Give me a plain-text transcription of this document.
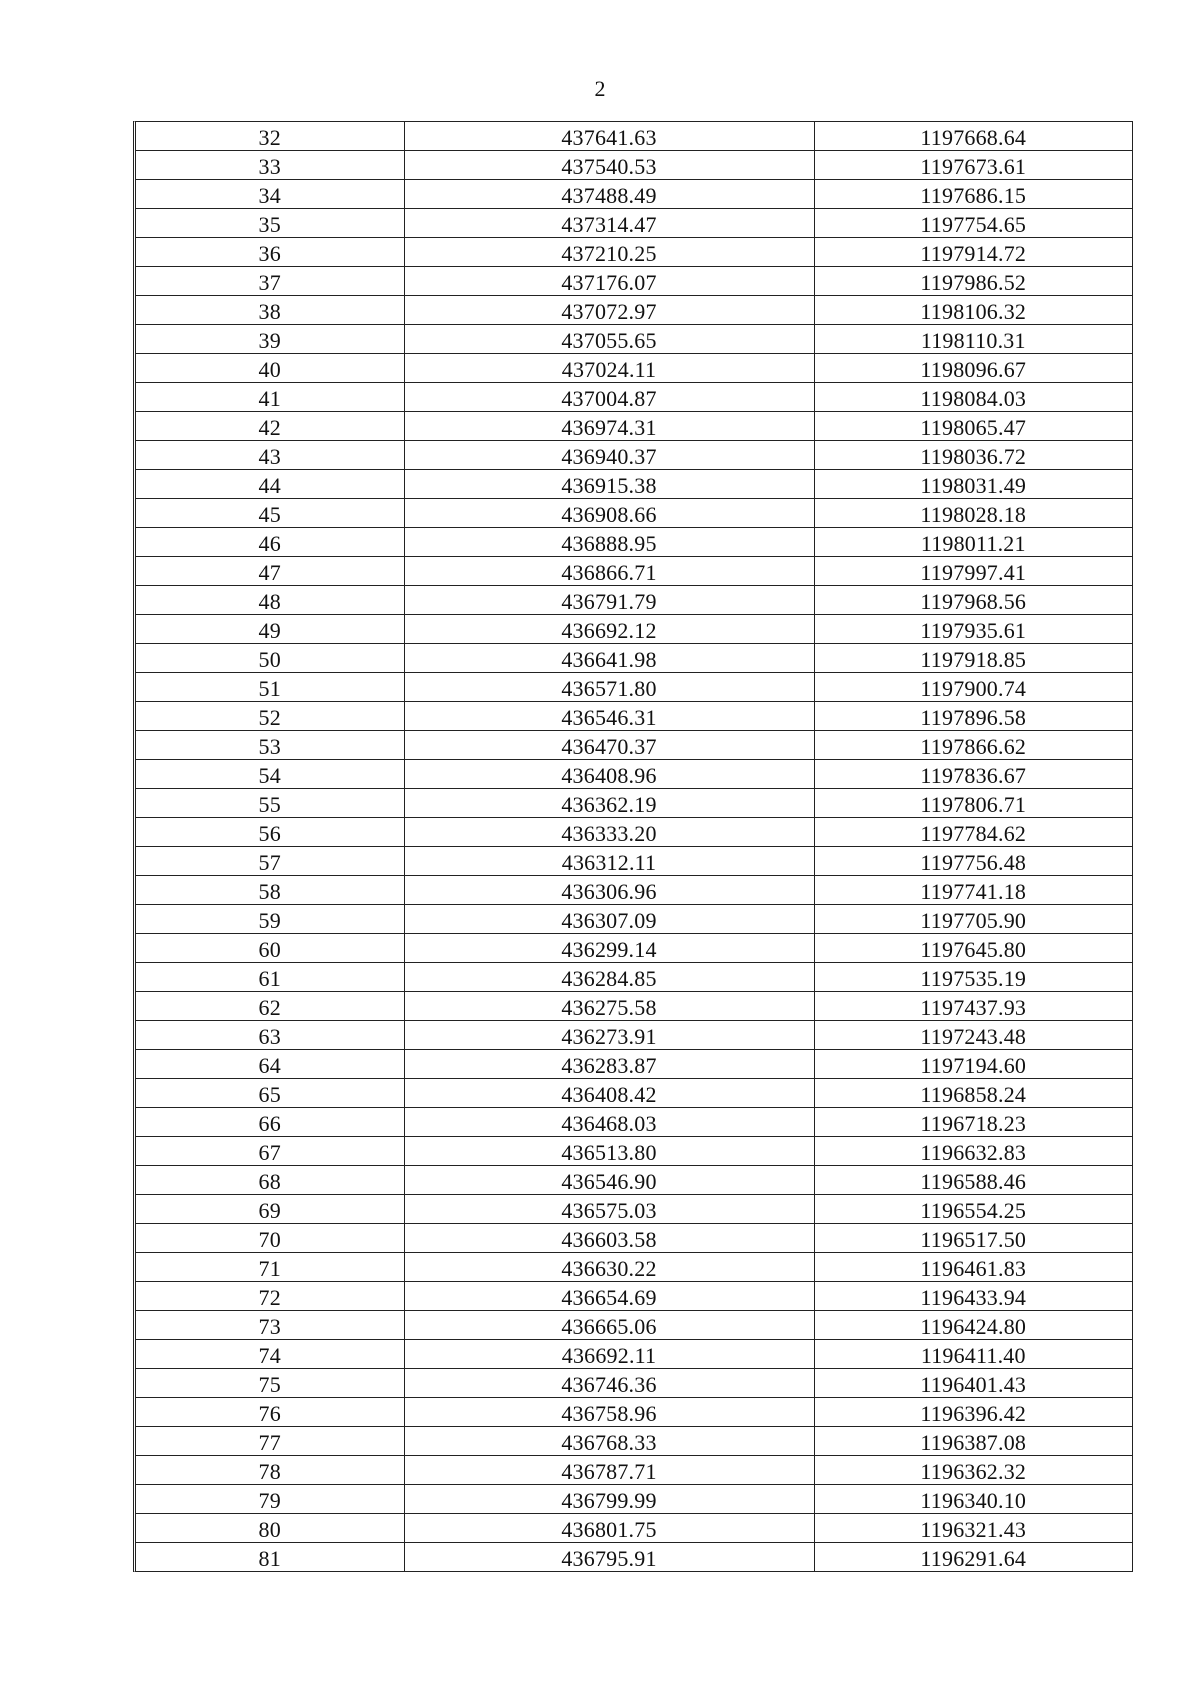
2
32	437641.63	1197668.64
33	437540.53	1197673.61
34	437488.49	1197686.15
35	437314.47	1197754.65
36	437210.25	1197914.72
37	437176.07	1197986.52
38	437072.97	1198106.32
39	437055.65	1198110.31
40	437024.11	1198096.67
41	437004.87	1198084.03
42	436974.31	1198065.47
43	436940.37	1198036.72
44	436915.38	1198031.49
45	436908.66	1198028.18
46	436888.95	1198011.21
47	436866.71	1197997.41
48	436791.79	1197968.56
49	436692.12	1197935.61
50	436641.98	1197918.85
51	436571.80	1197900.74
52	436546.31	1197896.58
53	436470.37	1197866.62
54	436408.96	1197836.67
55	436362.19	1197806.71
56	436333.20	1197784.62
57	436312.11	1197756.48
58	436306.96	1197741.18
59	436307.09	1197705.90
60	436299.14	1197645.80
61	436284.85	1197535.19
62	436275.58	1197437.93
63	436273.91	1197243.48
64	436283.87	1197194.60
65	436408.42	1196858.24
66	436468.03	1196718.23
67	436513.80	1196632.83
68	436546.90	1196588.46
69	436575.03	1196554.25
70	436603.58	1196517.50
71	436630.22	1196461.83
72	436654.69	1196433.94
73	436665.06	1196424.80
74	436692.11	1196411.40
75	436746.36	1196401.43
76	436758.96	1196396.42
77	436768.33	1196387.08
78	436787.71	1196362.32
79	436799.99	1196340.10
80	436801.75	1196321.43
81	436795.91	1196291.64
